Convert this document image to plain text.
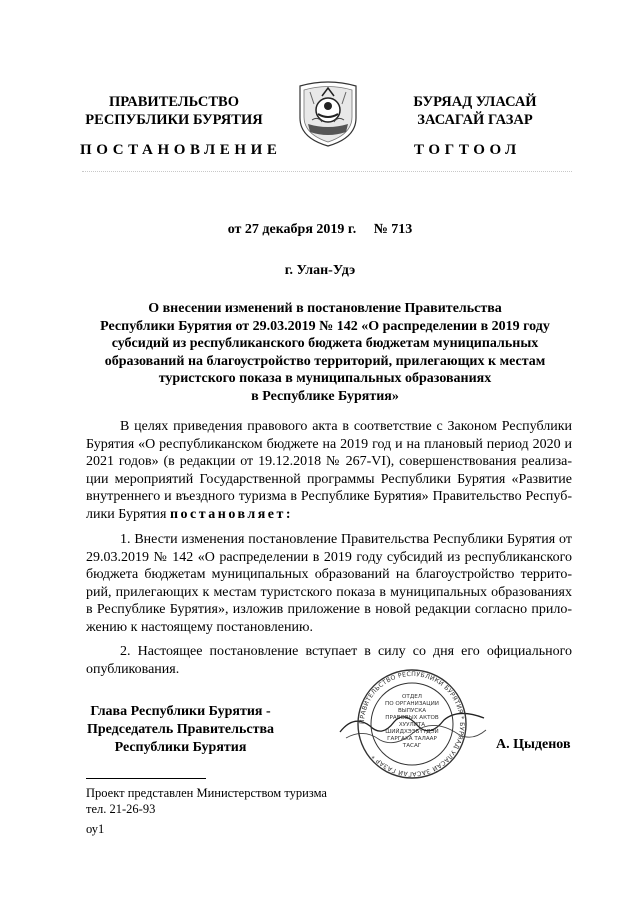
ПРАВИТЕЛЬСТВО
РЕСПУБЛИКИ БУРЯТИЯ
БУРЯАД УЛАСАЙ
ЗАСАГАЙ ГАЗАР
ПОСТАНОВЛЕНИЕ	ТОГТООЛ
от 27 декабря 2019 г.     № 713
г. Улан-Удэ
О внесении изменений в постановление Правительства
Республики Бурятия от 29.03.2019 № 142 «О распределении в 2019 году
субсидий из республиканского бюджета бюджетам муниципальных
образований на благоустройство территорий, прилегающих к местам
туристского показа в муниципальных образованиях
в Республике Бурятия»
В целях приведения правового акта в соответствие с Законом Республики
Бурятия «О республиканском бюджете на 2019 год и на плановый период 2020 и
2021 годов» (в редакции от 19.12.2018 № 267-VI), совершенствования реализа-
ции мероприятий Государственной программы Республики Бурятия «Развитие
внутреннего и въездного туризма в Республике Бурятия» Правительство Респуб-
лики Бурятия постановляет:
1. Внести изменения постановление Правительства Республики Бурятия от
29.03.2019 № 142 «О распределении в 2019 году субсидий из республиканского
бюджета бюджетам муниципальных образований на благоустройство террито-
рий, прилегающих к местам туристского показа в муниципальных образованиях
в Республике Бурятия», изложив приложение в новой редакции согласно прило-
жению к настоящему постановлению.
2. Настоящее постановление вступает в силу со дня его официального
опубликования.
Глава Республики Бурятия -
Председатель Правительства
Республики Бурятия
ПРАВИТЕЛЬСТВО РЕСПУБЛИКИ БУРЯТИЯ * БУРЯАД УЛАСАЙ ЗАСАГАЙ ГАЗАР *
ОТДЕЛ
ПО ОРГАНИЗАЦИИ
ВЫПУСКА
ПРАВОВЫХ АКТОВ
ХУУЛИТА
ШИЙДХЭЭБҮҮДЭЙ
ГАРГАХА ТАЛААР
ТАСАГ	А. Цыденов
Проект представлен Министерством туризма
тел. 21-26-93
оу1
